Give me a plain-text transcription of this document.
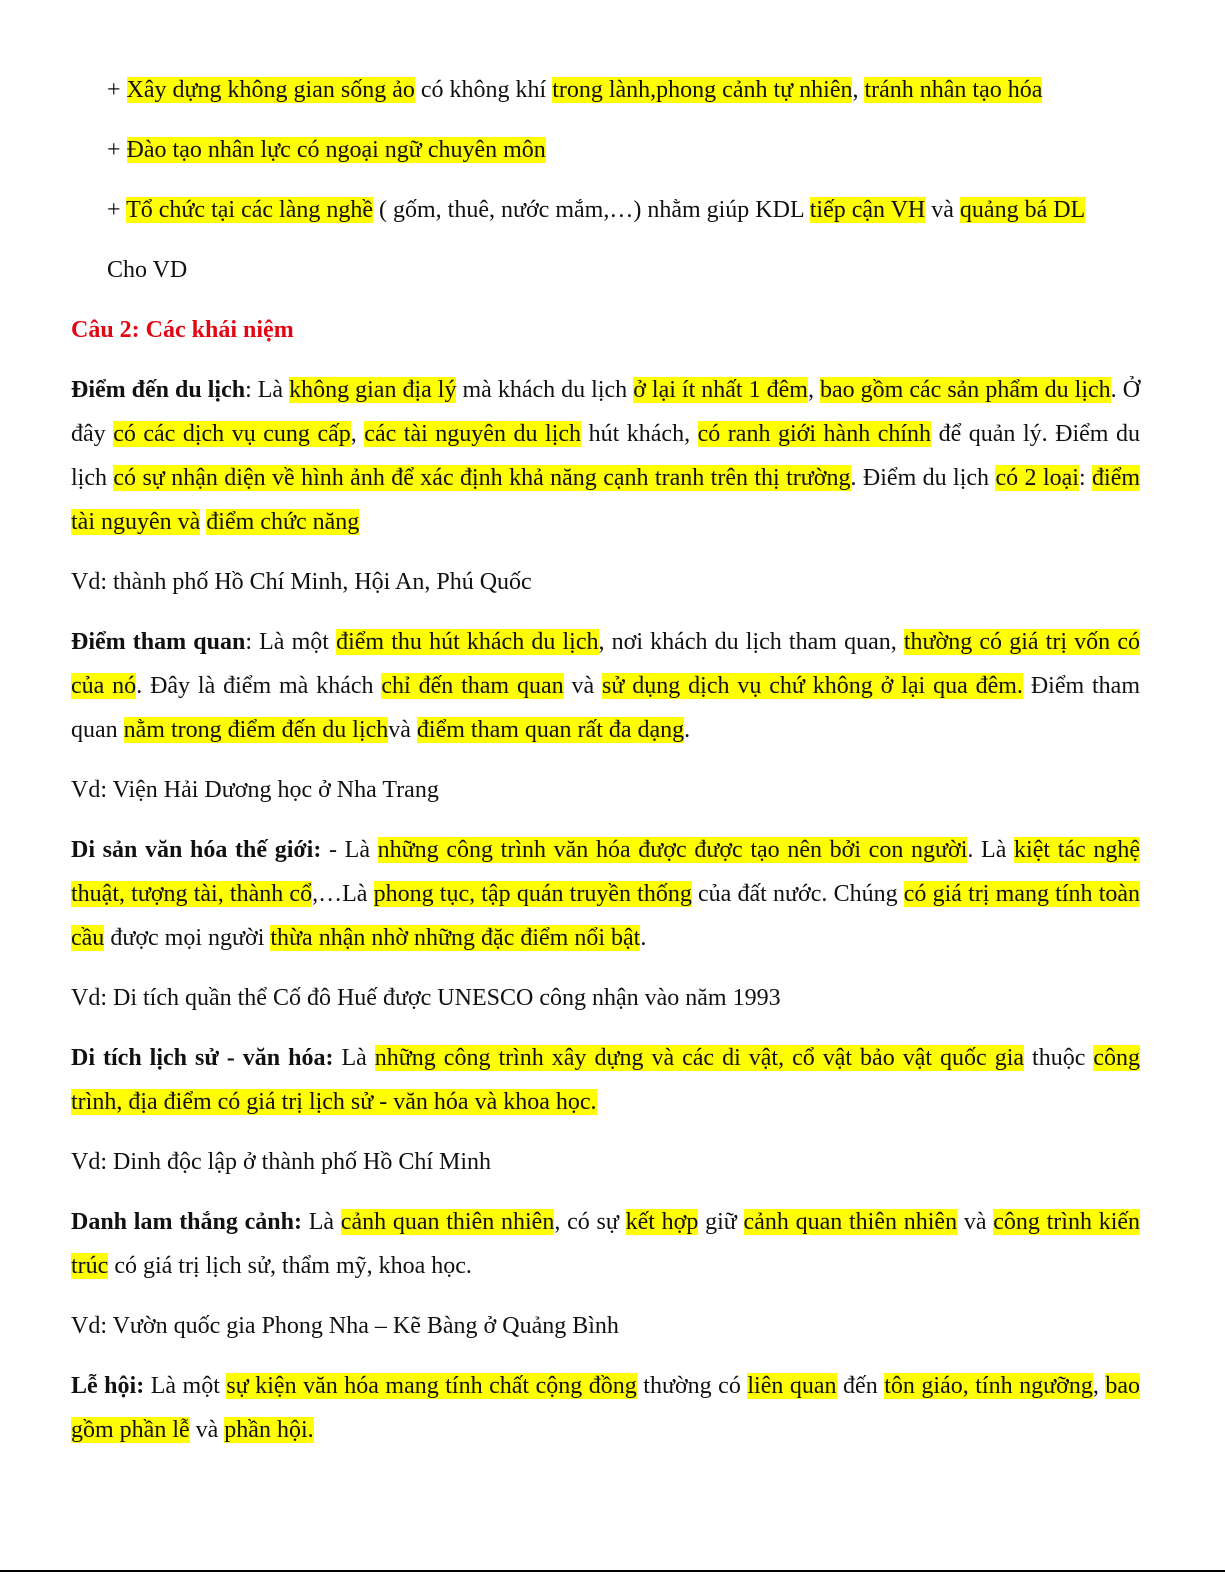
+ Xây dựng không gian sống ảo có không khí trong lành,phong cảnh tự nhiên, tránh nhân tạo hóa

+ Đào tạo nhân lực có ngoại ngữ chuyên môn

+ Tổ chức tại các làng nghề ( gốm, thuê, nước mắm,…) nhằm giúp KDL tiếp cận VH và quảng bá DL

Cho VD

Câu 2: Các khái niệm

Điểm đến du lịch: Là không gian địa lý mà khách du lịch ở lại ít nhất 1 đêm, bao gồm các sản phẩm du lịch. Ở đây có các dịch vụ cung cấp, các tài nguyên du lịch hút khách, có ranh giới hành chính để quản lý. Điểm du lịch có sự nhận diện về hình ảnh để xác định khả năng cạnh tranh trên thị trường. Điểm du lịch có 2 loại: điểm tài nguyên và điểm chức năng

Vd: thành phố Hồ Chí Minh, Hội An, Phú Quốc

Điểm tham quan: Là một điểm thu hút khách du lịch, nơi khách du lịch tham quan, thường có giá trị vốn có của nó. Đây là điểm mà khách chỉ đến tham quan và sử dụng dịch vụ chứ không ở lại qua đêm. Điểm tham quan nằm trong điểm đến du lịchvà điểm tham quan rất đa dạng.

Vd: Viện Hải Dương học ở Nha Trang

Di sản văn hóa thế giới: - Là những công trình văn hóa được được tạo nên bởi con người. Là kiệt tác nghệ thuật, tượng tài, thành cổ,…Là phong tục, tập quán truyền thống của đất nước. Chúng có giá trị mang tính toàn cầu được mọi người thừa nhận nhờ những đặc điểm nổi bật.

Vd: Di tích quần thể Cố đô Huế được UNESCO công nhận vào năm 1993

Di tích lịch sử - văn hóa: Là những công trình xây dựng và các di vật, cổ vật bảo vật quốc gia thuộc công trình, địa điểm có giá trị lịch sử - văn hóa và khoa học.

Vd: Dinh độc lập ở thành phố Hồ Chí Minh

Danh lam thắng cảnh: Là cảnh quan thiên nhiên, có sự kết hợp giữ cảnh quan thiên nhiên và công trình kiến trúc có giá trị lịch sử, thẩm mỹ, khoa học.

Vd: Vườn quốc gia Phong Nha – Kẽ Bàng ở Quảng Bình

Lễ hội: Là một sự kiện văn hóa mang tính chất cộng đồng thường có liên quan đến tôn giáo, tính ngưỡng, bao gồm phần lễ và phần hội.
